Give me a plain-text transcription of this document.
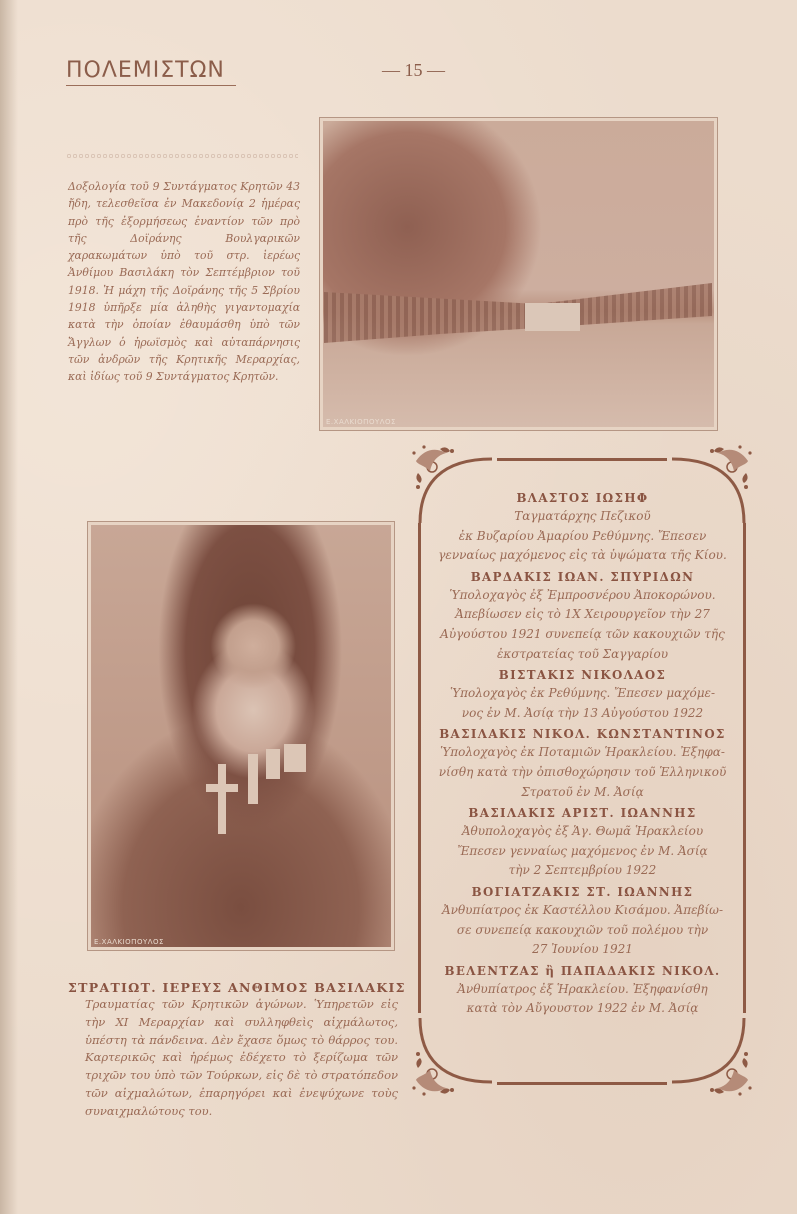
ΠΟΛΕΜΙΣΤΩΝ	— 15 —
Δοξολογία τοῦ 9 Συντάγματος Κρητῶν 43 ἤδη, τελεσθεῖσα ἐν Μακεδονίᾳ 2 ἡμέρας πρὸ τῆς ἐξορμήσεως ἐναντίον τῶν πρὸ τῆς Δοϊράνης Βουλγαρικῶν χαρακωμάτων ὑπὸ τοῦ στρ. ἱερέως Ἀνθίμου Βασιλάκη τὸν Σεπτέμβριον τοῦ 1918. Ἡ μάχη τῆς Δοϊράνης τῆς 5 Σβρίου 1918 ὑπῆρξε μία ἀληθὴς γιγαντομαχία κατὰ τὴν ὁποίαν ἐθαυμάσθη ὑπὸ τῶν Ἄγγλων ὁ ἡρωϊσμὸς καὶ αὐταπάρνησις τῶν ἀνδρῶν τῆς Κρητικῆς Μεραρχίας, καὶ ἰδίως τοῦ 9 Συντάγματος Κρητῶν.
Ε.ΧΑΛΚΙΟΠΟΥΛΟΣ
Ε.ΧΑΛΚΙΟΠΟΥΛΟΣ
ΣΤΡΑΤΙΩΤ. ΙΕΡΕΥΣ ΑΝΘΙΜΟΣ ΒΑΣΙΛΑΚΙΣ
Τραυματίας τῶν Κρητικῶν ἀγώνων. Ὑπηρετῶν εἰς τὴν XI Μεραρχίαν καὶ συλληφθεὶς αἰχμάλωτος, ὑπέστη τὰ πάνδεινα. Δὲν ἔχασε ὅμως τὸ θάρρος του. Καρτερικῶς καὶ ἠρέμως ἐδέχετο τὸ ξερίζωμα τῶν τριχῶν του ὑπὸ τῶν Τούρκων, εἰς δὲ τὸ στρατόπεδον τῶν αἰχμαλώτων, ἐπαρηγόρει καὶ ἐνεψύχωνε τοὺς συναιχμαλώτους του.
ΒΛΑΣΤΟΣ ΙΩΣΗΦ
Ταγματάρχης Πεζικοῦ
ἐκ Βυζαρίου Ἀμαρίου Ρεθύμνης. Ἔπεσεν
γενναίως μαχόμενος εἰς τὰ ὑψώματα τῆς Κίου.
ΒΑΡΔΑΚΙΣ ΙΩΑΝ. ΣΠΥΡΙΔΩΝ
Ὑπολοχαγὸς ἐξ Ἐμπροσνέρου Ἀποκορώνου.
Ἀπεβίωσεν εἰς τὸ 1Χ Χειρουργεῖον τὴν 27
Αὐγούστου 1921 συνεπείᾳ τῶν κακουχιῶν τῆς
ἐκστρατείας τοῦ Σαγγαρίου
ΒΙΣΤΑΚΙΣ ΝΙΚΟΛΑΟΣ
Ὑπολοχαγὸς ἐκ Ρεθύμνης. Ἔπεσεν μαχόμε-
νος ἐν Μ. Ἀσίᾳ τὴν 13 Αὐγούστου 1922
ΒΑΣΙΛΑΚΙΣ ΝΙΚΟΛ. ΚΩΝΣΤΑΝΤΙΝΟΣ
Ὑπολοχαγὸς ἐκ Ποταμιῶν Ἡρακλείου. Ἐξηφα-
νίσθη κατὰ τὴν ὀπισθοχώρησιν τοῦ Ἑλληνικοῦ
Στρατοῦ ἐν Μ. Ἀσίᾳ
ΒΑΣΙΛΑΚΙΣ ΑΡΙΣΤ. ΙΩΑΝΝΗΣ
Ἀθυπολοχαγὸς ἐξ Ἁγ. Θωμᾶ Ἡρακλείου
Ἔπεσεν γενναίως μαχόμενος ἐν Μ. Ἀσίᾳ
τὴν 2 Σεπτεμβρίου 1922
ΒΟΓΙΑΤΖΑΚΙΣ ΣΤ. ΙΩΑΝΝΗΣ
Ἀνθυπίατρος ἐκ Καστέλλου Κισάμου. Ἀπεβίω-
σε συνεπείᾳ κακουχιῶν τοῦ πολέμου τὴν
27 Ἰουνίου 1921
ΒΕΛΕΝΤΖΑΣ ἢ ΠΑΠΑΔΑΚΙΣ ΝΙΚΟΛ.
Ἀνθυπίατρος ἐξ Ἡρακλείου. Ἐξηφανίσθη
κατὰ τὸν Αὔγουστον 1922 ἐν Μ. Ἀσίᾳ
